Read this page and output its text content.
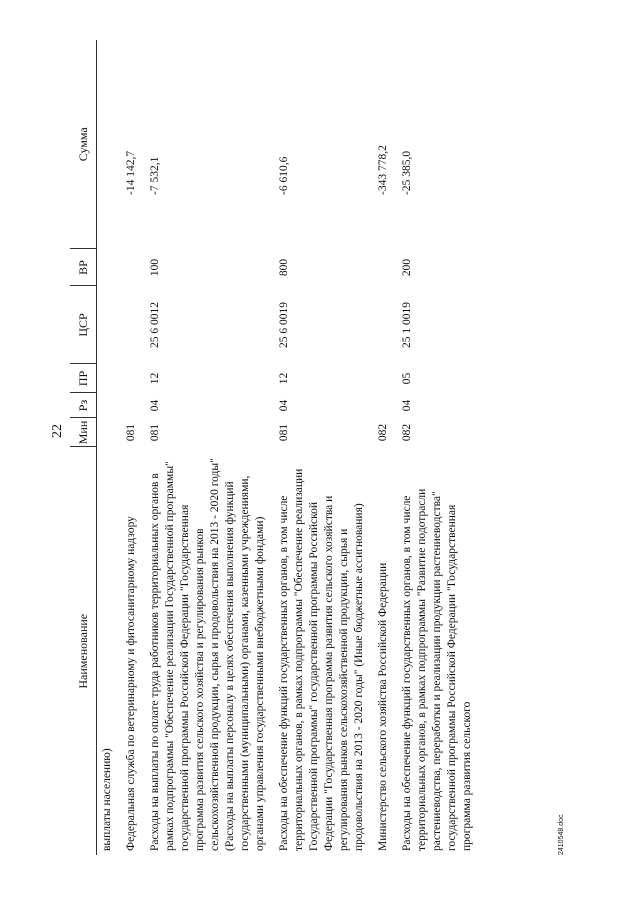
22
Наименование	Мин	Рз	ПР	ЦСР	ВР	Сумма
выплаты населению)						
Федеральная служба по ветеринарному и фитосанитарному надзору	081					-14 142,7
Расходы на выплаты по оплате труда работников территориальных органов в рамках подпрограммы "Обеспечение реализации Государственной программы" государственной программы Российской Федерации "Государственная программа развития сельского хозяйства и регулирования рынков сельскохозяйственной продукции, сырья и продовольствия на 2013 - 2020 годы" (Расходы на выплаты персоналу в целях обеспечения выполнения функций государственными (муниципальными) органами, казенными учреждениями, органами управления государственными внебюджетными фондами)	081	04	12	25 6 0012	100	-7 532,1
Расходы на обеспечение функций государственных органов, в том числе территориальных органов, в рамках подпрограммы "Обеспечение реализации Государственной программы" государственной программы Российской Федерации "Государственная программа развития сельского хозяйства и регулирования рынков сельскохозяйственной продукции, сырья и продовольствия на 2013 - 2020 годы" (Иные бюджетные ассигнования)	081	04	12	25 6 0019	800	-6 610,6
Министерство сельского хозяйства Российской Федерации	082					-343 778,2
Расходы на обеспечение функций государственных органов, в том числе территориальных органов, в рамках подпрограммы "Развитие подотрасли растениеводства, переработки и реализации продукции растениеводства" государственной программы Российской Федерации "Государственная программа развития сельского	082	04	05	25 1 0019	200	-25 385,0
2410548.doc
